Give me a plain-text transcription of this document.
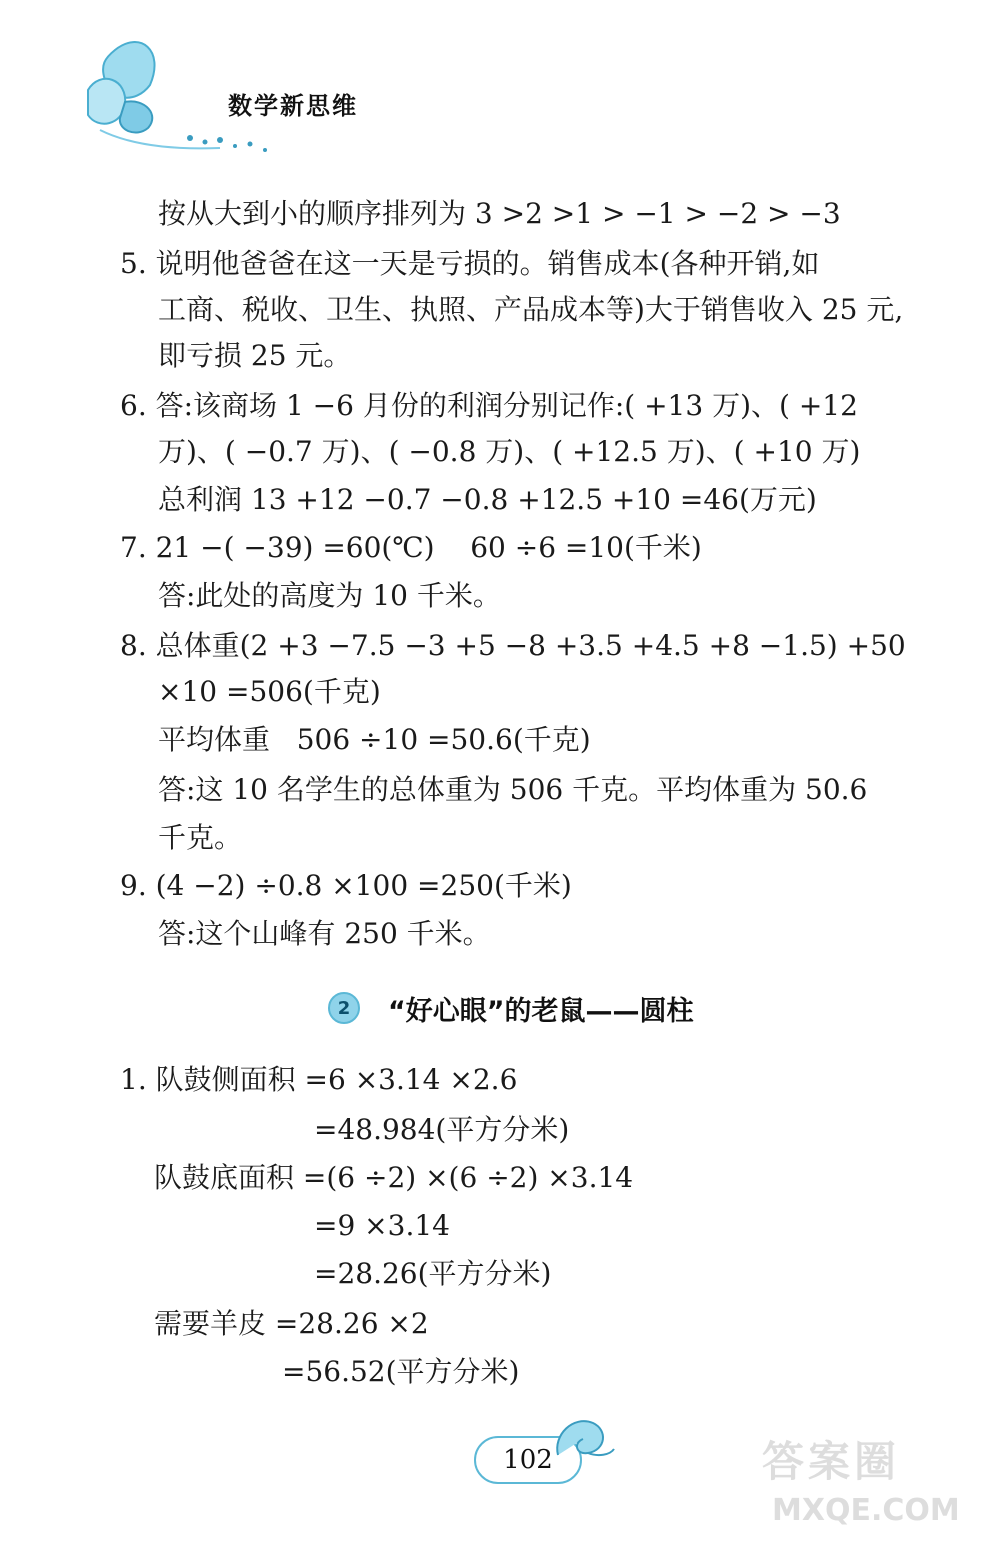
数学新思维
按从大到小的顺序排列为 3 >2 >1 > −1 > −2 > −3
5. 说明他爸爸在这一天是亏损的。销售成本(各种开销,如
工商、税收、卫生、执照、产品成本等)大于销售收入 25 元,
即亏损 25 元。
6. 答:该商场 1 −6 月份的利润分别记作:( +13 万)、( +12
万)、( −0.7 万)、( −0.8 万)、( +12.5 万)、( +10 万)
总利润 13 +12 −0.7 −0.8 +12.5 +10 =46(万元)
7. 21 −( −39) =60(℃)    60 ÷6 =10(千米)
答:此处的高度为 10 千米。
8. 总体重(2 +3 −7.5 −3 +5 −8 +3.5 +4.5 +8 −1.5) +50
×10 =506(千克)
平均体重   506 ÷10 =50.6(千克)
答:这 10 名学生的总体重为 506 千克。平均体重为 50.6
千克。
9. (4 −2) ÷0.8 ×100 =250(千米)
答:这个山峰有 250 千米。
2	“好心眼”的老鼠——圆柱
1. 队鼓侧面积 =6 ×3.14 ×2.6
=48.984(平方分米)
队鼓底面积 =(6 ÷2) ×(6 ÷2) ×3.14
=9 ×3.14
=28.26(平方分米)
需要羊皮 =28.26 ×2
=56.52(平方分米)
102	答案圈
MXQE.COM
